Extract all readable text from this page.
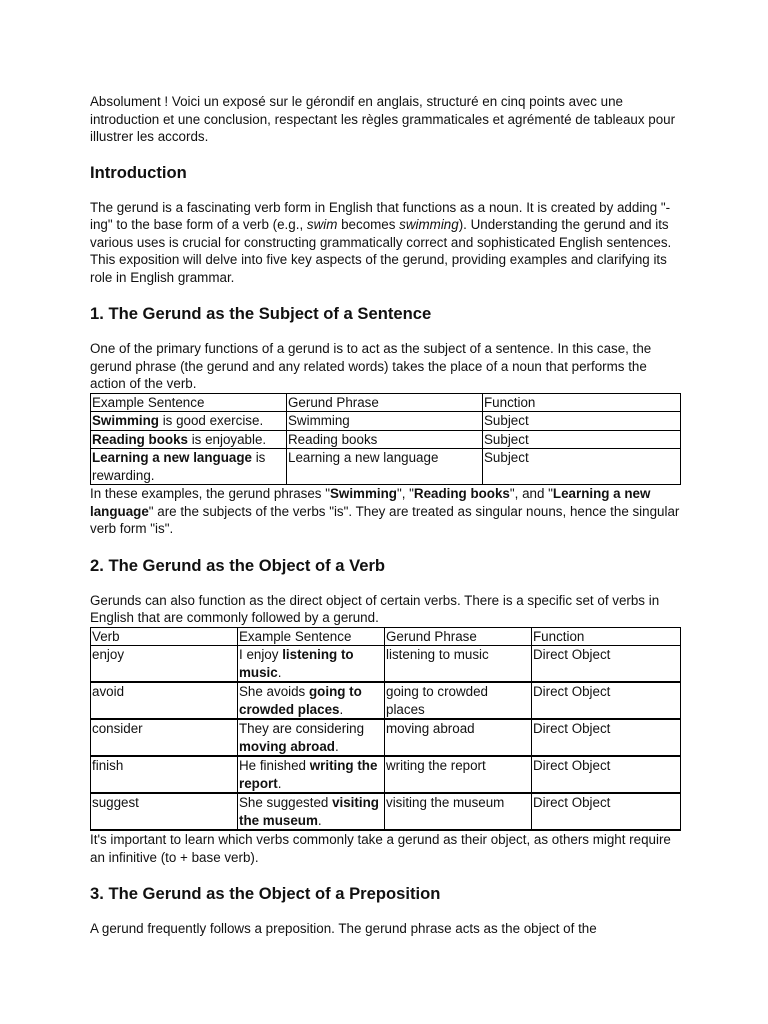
Absolument ! Voici un exposé sur le gérondif en anglais, structuré en cinq points avec une introduction et une conclusion, respectant les règles grammaticales et agrémenté de tableaux pour illustrer les accords.

Introduction

The gerund is a fascinating verb form in English that functions as a noun. It is created by adding "-ing" to the base form of a verb (e.g., swim becomes swimming). Understanding the gerund and its various uses is crucial for constructing grammatically correct and sophisticated English sentences. This exposition will delve into five key aspects of the gerund, providing examples and clarifying its role in English grammar.

1. The Gerund as the Subject of a Sentence

One of the primary functions of a gerund is to act as the subject of a sentence. In this case, the gerund phrase (the gerund and any related words) takes the place of a noun that performs the action of the verb.

Example Sentence	Gerund Phrase	Function
Swimming is good exercise.	Swimming	Subject
Reading books is enjoyable.	Reading books	Subject
Learning a new language is rewarding.	Learning a new language	Subject

In these examples, the gerund phrases "Swimming", "Reading books", and "Learning a new language" are the subjects of the verbs "is". They are treated as singular nouns, hence the singular verb form "is".

2. The Gerund as the Object of a Verb

Gerunds can also function as the direct object of certain verbs. There is a specific set of verbs in English that are commonly followed by a gerund.

Verb	Example Sentence	Gerund Phrase	Function
enjoy	I enjoy listening to music.	listening to music	Direct Object
avoid	She avoids going to crowded places.	going to crowded places	Direct Object
consider	They are considering moving abroad.	moving abroad	Direct Object
finish	He finished writing the report.	writing the report	Direct Object
suggest	She suggested visiting the museum.	visiting the museum	Direct Object

It's important to learn which verbs commonly take a gerund as their object, as others might require an infinitive (to + base verb).

3. The Gerund as the Object of a Preposition

A gerund frequently follows a preposition. The gerund phrase acts as the object of the
